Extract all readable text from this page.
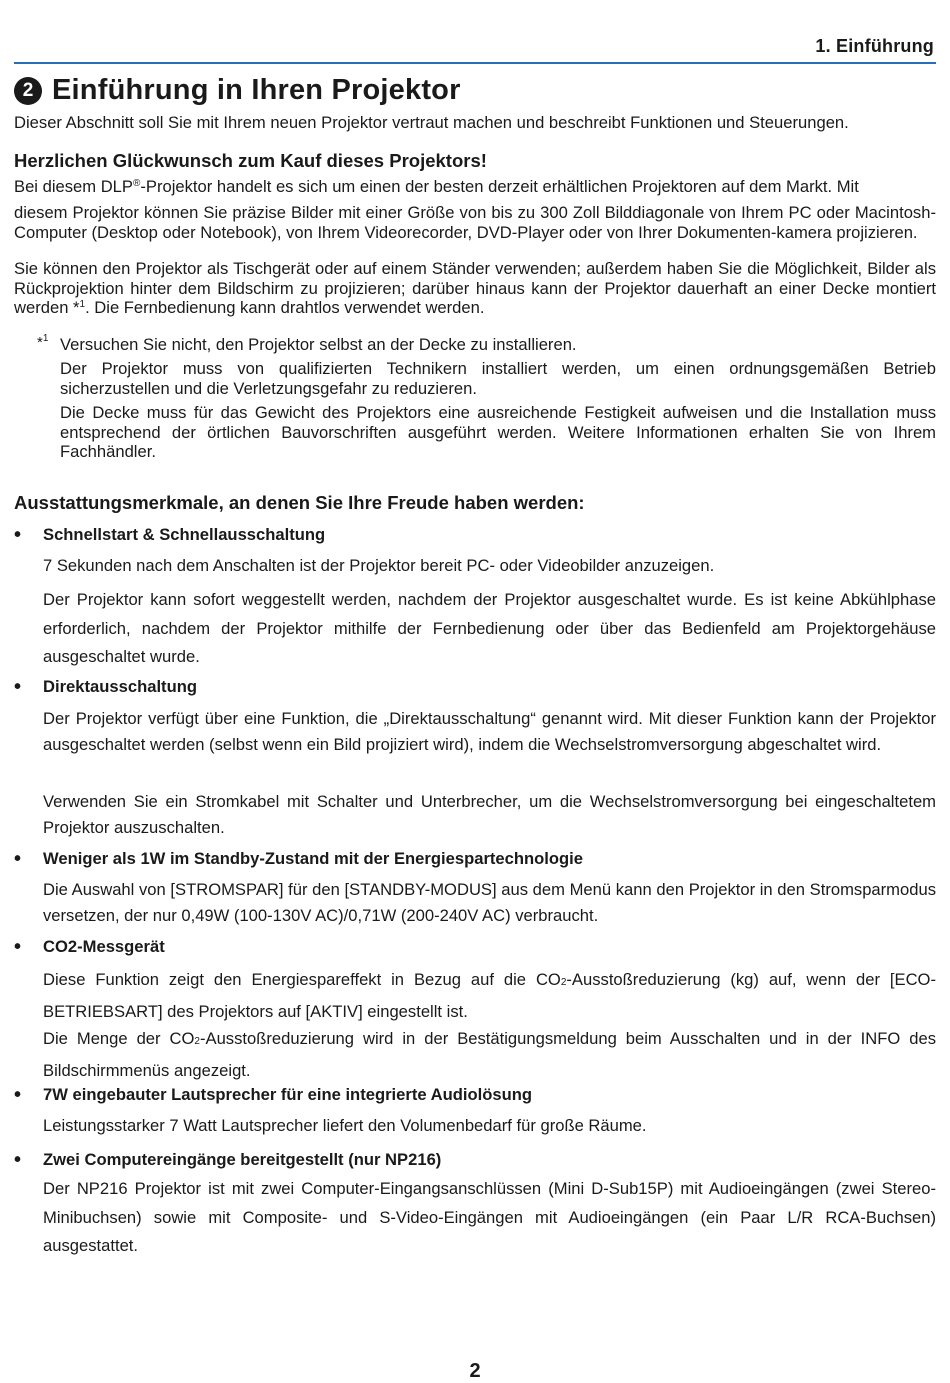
1. Einführung
2 Einführung in Ihren Projektor
Dieser Abschnitt soll Sie mit Ihrem neuen Projektor vertraut machen und beschreibt Funktionen und Steuerungen.
Herzlichen Glückwunsch zum Kauf dieses Projektors!
Bei diesem DLP®-Projektor handelt es sich um einen der besten derzeit erhältlichen Projektoren auf dem Markt. Mit
diesem Projektor können Sie präzise Bilder mit einer Größe von bis zu 300 Zoll Bilddiagonale von Ihrem PC oder Macintosh-Computer (Desktop oder Notebook), von Ihrem Videorecorder, DVD-Player oder von Ihrer Dokumenten-kamera projizieren.
Sie können den Projektor als Tischgerät oder auf einem Ständer verwenden; außerdem haben Sie die Möglichkeit, Bilder als Rückprojektion hinter dem Bildschirm zu projizieren; darüber hinaus kann der Projektor dauerhaft an einer Decke montiert werden *$^1$. Die Fernbedienung kann drahtlos verwendet werden.
*$^1$ Versuchen Sie nicht, den Projektor selbst an der Decke zu installieren.
Der Projektor muss von qualifizierten Technikern installiert werden, um einen ordnungsgemäßen Betrieb sicherzustellen und die Verletzungsgefahr zu reduzieren.
Die Decke muss für das Gewicht des Projektors eine ausreichende Festigkeit aufweisen und die Installation muss entsprechend der örtlichen Bauvorschriften ausgeführt werden. Weitere Informationen erhalten Sie von Ihrem Fachhändler.
Ausstattungsmerkmale, an denen Sie Ihre Freude haben werden:
• Schnellstart & Schnellausschaltung
7 Sekunden nach dem Anschalten ist der Projektor bereit PC- oder Videobilder anzuzeigen.
Der Projektor kann sofort weggestellt werden, nachdem der Projektor ausgeschaltet wurde. Es ist keine Abkühlphase erforderlich, nachdem der Projektor mithilfe der Fernbedienung oder über das Bedienfeld am Projektorgehäuse ausgeschaltet wurde.
• Direktausschaltung
Der Projektor verfügt über eine Funktion, die „Direktausschaltung“ genannt wird. Mit dieser Funktion kann der Projektor ausgeschaltet werden (selbst wenn ein Bild projiziert wird), indem die Wechselstromversorgung abgeschaltet wird.
Verwenden Sie ein Stromkabel mit Schalter und Unterbrecher, um die Wechselstromversorgung bei eingeschaltetem Projektor auszuschalten.
• Weniger als 1W im Standby-Zustand mit der Energiespartechnologie
Die Auswahl von [STROMSPAR] für den [STANDBY-MODUS] aus dem Menü kann den Projektor in den Stromsparmodus versetzen, der nur 0,49W (100-130V AC)/0,71W (200-240V AC) verbraucht.
• CO2-Messgerät
Diese Funktion zeigt den Energiespareffekt in Bezug auf die CO2-Ausstoßreduzierung (kg) auf, wenn der [ECO-BETRIEBSART] des Projektors auf [AKTIV] eingestellt ist.
Die Menge der CO2-Ausstoßreduzierung wird in der Bestätigungsmeldung beim Ausschalten und in der INFO des Bildschirmmenüs angezeigt.
• 7W eingebauter Lautsprecher für eine integrierte Audiolösung
Leistungsstarker 7 Watt Lautsprecher liefert den Volumenbedarf für große Räume.
• Zwei Computereingänge bereitgestellt (nur NP216)
Der NP216 Projektor ist mit zwei Computer-Eingangsanschlüssen (Mini D-Sub15P) mit Audioeingängen (zwei Stereo-Minibuchsen) sowie mit Composite- und S-Video-Eingängen mit Audioeingängen (ein Paar L/R RCA-Buchsen) ausgestattet.
2
